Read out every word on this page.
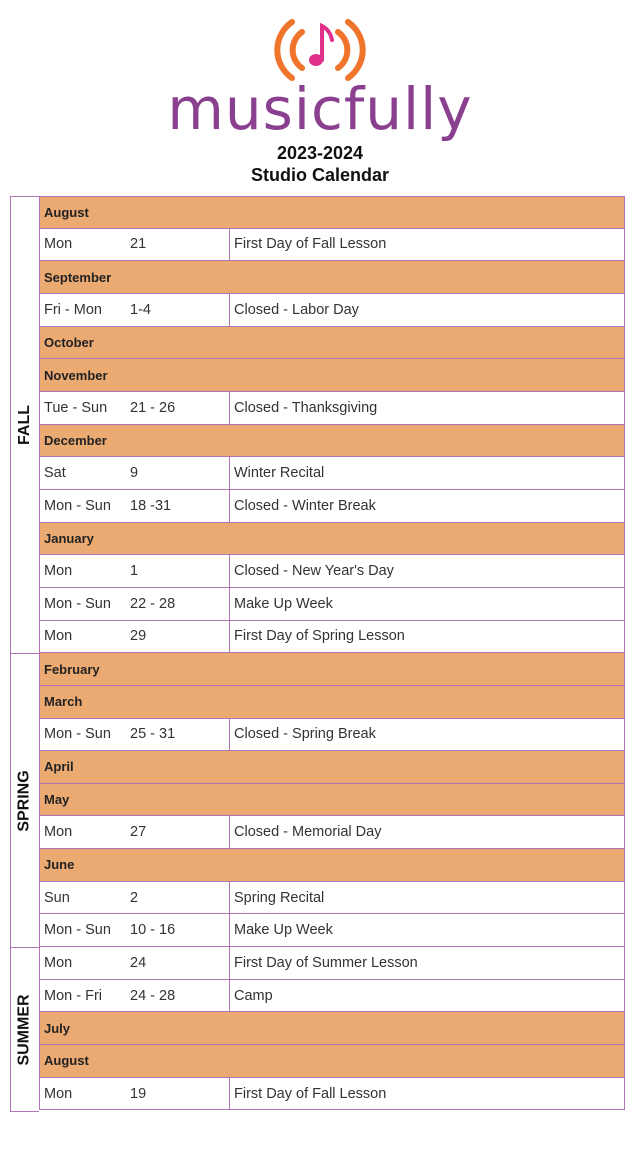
musicfully
2023-2024
Studio Calendar
FALL
SPRING
SUMMER
August
Mon	21	First Day of Fall Lesson
September
Fri - Mon	1-4	Closed - Labor Day
October
November
Tue - Sun	21 - 26	Closed - Thanksgiving
December
Sat	9	Winter Recital
Mon - Sun	18 -31	Closed - Winter Break
January
Mon	1	Closed - New Year's Day
Mon - Sun	22 - 28	Make Up Week
Mon	29	First Day of Spring Lesson
February
March
Mon - Sun	25 - 31	Closed - Spring Break
April
May
Mon	27	Closed - Memorial Day
June
Sun	2	Spring Recital
Mon - Sun	10 - 16	Make Up Week
Mon	24	First Day of Summer Lesson
Mon - Fri	24 - 28	Camp
July
August
Mon	19	First Day of Fall Lesson
